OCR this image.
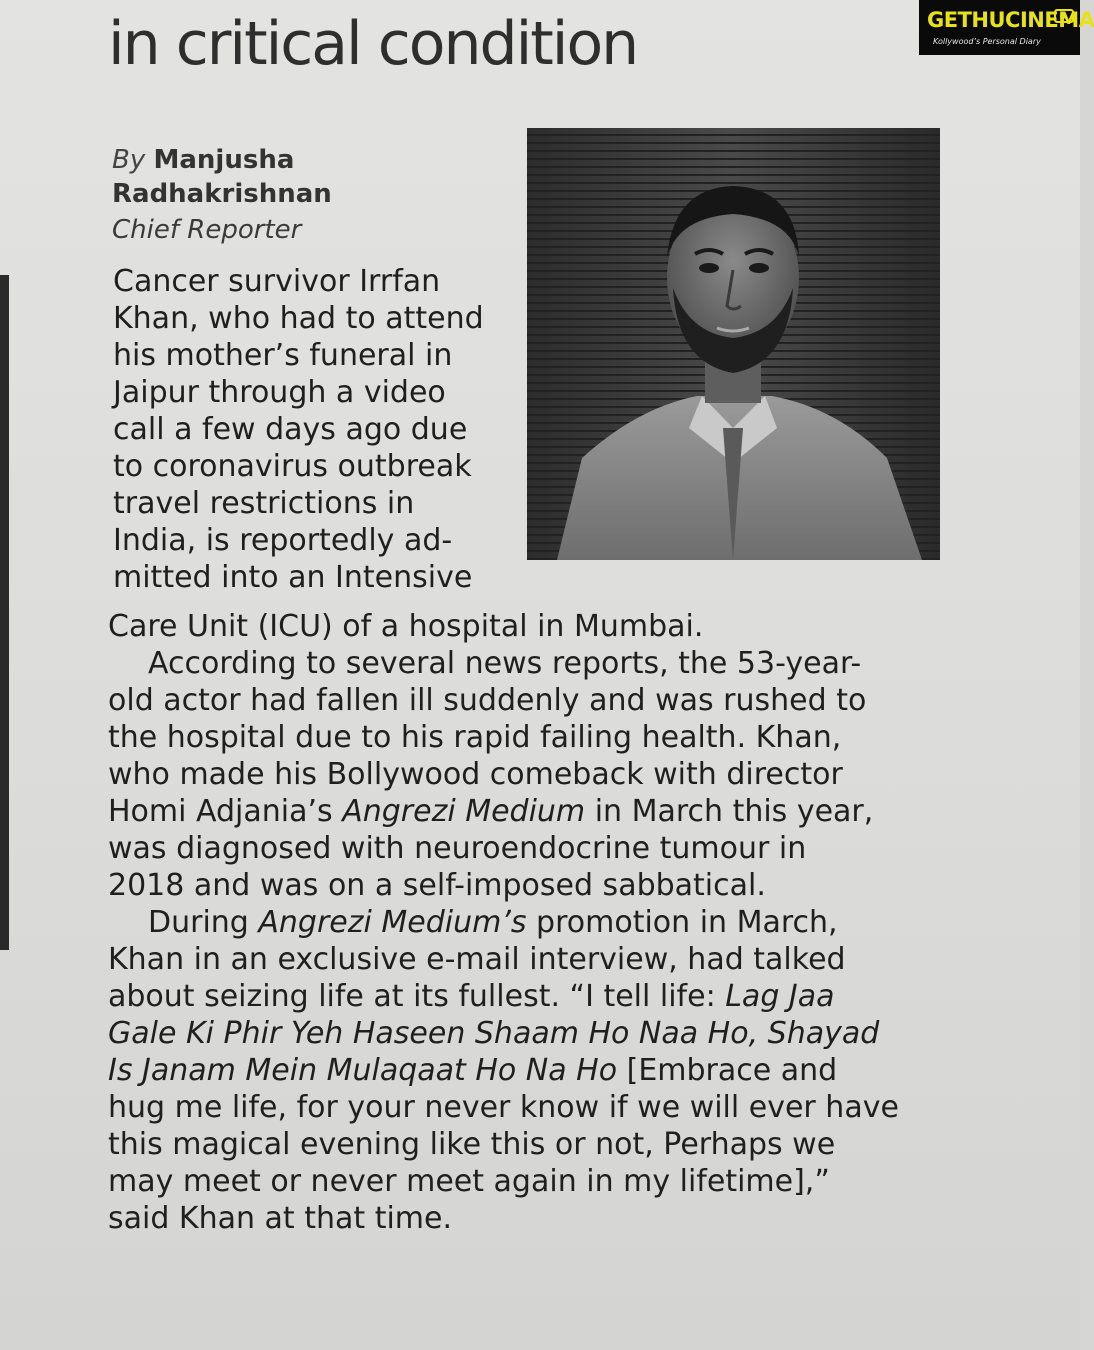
in critical condition
By Manjusha
Radhakrishnan
Chief Reporter
Cancer survivor Irrfan
Khan, who had to attend
his mother’s funeral in
Jaipur through a video
call a few days ago due
to coronavirus outbreak
travel restrictions in
India, is reportedly ad-
mitted into an Intensive
Care Unit (ICU) of a hospital in Mumbai.
According to several news reports, the 53-year-
old actor had fallen ill suddenly and was rushed to
the hospital due to his rapid failing health. Khan,
who made his Bollywood comeback with director
Homi Adjania’s Angrezi Medium in March this year,
was diagnosed with neuroendocrine tumour in
2018 and was on a self-imposed sabbatical.
During Angrezi Medium’s promotion in March,
Khan in an exclusive e-mail interview, had talked
about seizing life at its fullest. “I tell life: Lag Jaa
Gale Ki Phir Yeh Haseen Shaam Ho Naa Ho, Shayad
Is Janam Mein Mulaqaat Ho Na Ho [Embrace and
hug me life, for your never know if we will ever have
this magical evening like this or not, Perhaps we
may meet or never meet again in my lifetime],”
said Khan at that time.
GETHUCINEMA
Kollywood’s Personal Diary
